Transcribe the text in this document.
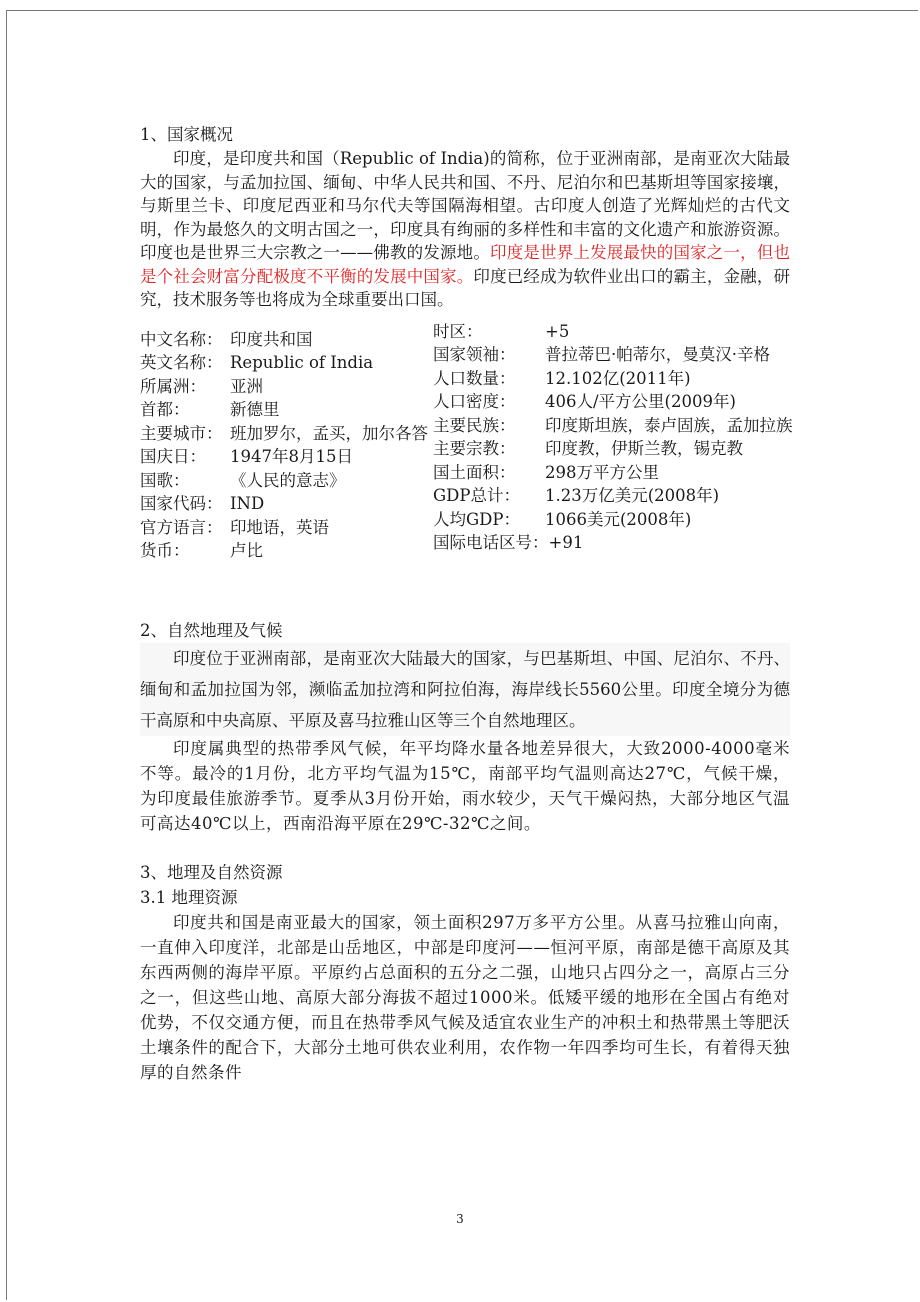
1、国家概况

印度，是印度共和国（Republic of India)的简称，位于亚洲南部，是南亚次大陆最大的国家，与孟加拉国、缅甸、中华人民共和国、不丹、尼泊尔和巴基斯坦等国家接壤，与斯里兰卡、印度尼西亚和马尔代夫等国隔海相望。古印度人创造了光辉灿烂的古代文明，作为最悠久的文明古国之一，印度具有绚丽的多样性和丰富的文化遗产和旅游资源。印度也是世界三大宗教之一——佛教的发源地。印度是世界上发展最快的国家之一，但也是个社会财富分配极度不平衡的发展中国家。印度已经成为软件业出口的霸主，金融，研究，技术服务等也将成为全球重要出口国。

中文名称： 印度共和国
英文名称： Republic of India
所属洲： 亚洲
首都： 新德里
主要城市： 班加罗尔，孟买，加尔各答
国庆日： 1947年8月15日
国歌： 《人民的意志》
国家代码： IND
官方语言： 印地语，英语
货币： 卢比
时区：	+5
国家领袖： 普拉蒂巴·帕蒂尔，曼莫汉·辛格
人口数量： 12.102亿(2011年)
人口密度： 406人/平方公里(2009年)
主要民族： 印度斯坦族，泰卢固族，孟加拉族
主要宗教： 印度教，伊斯兰教，锡克教
国土面积： 298万平方公里
GDP总计： 1.23万亿美元(2008年)
人均GDP： 1066美元(2008年)
国际电话区号：+91

2、自然地理及气候

印度位于亚洲南部，是南亚次大陆最大的国家，与巴基斯坦、中国、尼泊尔、不丹、缅甸和孟加拉国为邻，濒临孟加拉湾和阿拉伯海，海岸线长5560公里。印度全境分为德干高原和中央高原、平原及喜马拉雅山区等三个自然地理区。

印度属典型的热带季风气候，年平均降水量各地差异很大，大致2000-4000毫米不等。最冷的1月份，北方平均气温为15℃，南部平均气温则高达27℃，气候干燥，为印度最佳旅游季节。夏季从3月份开始，雨水较少，天气干燥闷热，大部分地区气温可高达40℃以上，西南沿海平原在29℃-32℃之间。

3、地理及自然资源

3.1 地理资源

印度共和国是南亚最大的国家，领土面积297万多平方公里。从喜马拉雅山向南，一直伸入印度洋，北部是山岳地区，中部是印度河——恒河平原，南部是德干高原及其东西两侧的海岸平原。平原约占总面积的五分之二强，山地只占四分之一，高原占三分之一，但这些山地、高原大部分海拔不超过1000米。低矮平缓的地形在全国占有绝对优势，不仅交通方便，而且在热带季风气候及适宜农业生产的冲积土和热带黑土等肥沃土壤条件的配合下，大部分土地可供农业利用，农作物一年四季均可生长，有着得天独厚的自然条件

3
